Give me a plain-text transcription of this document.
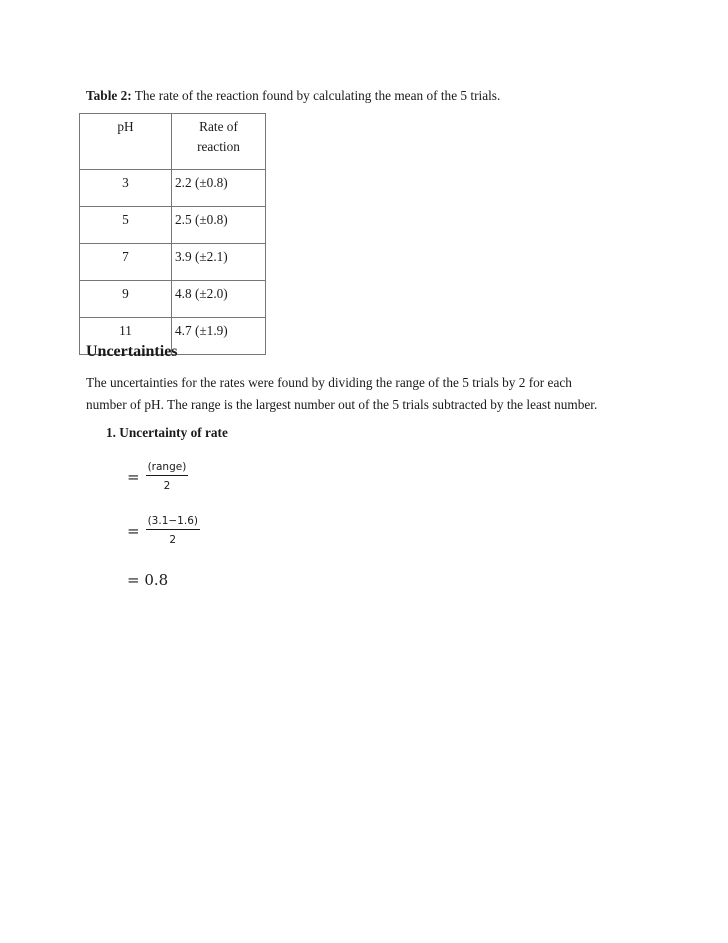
Table 2: The rate of the reaction found by calculating the mean of the 5 trials.
pH	Rate of
reaction
3	2.2 (±0.8)
5	2.5 (±0.8)
7	3.9 (±2.1)
9	4.8 (±2.0)
11	4.7 (±1.9)
Uncertainties
The uncertainties for the rates were found by dividing the range of the 5 trials by 2 for each
number of pH. The range is the largest number out of the 5 trials subtracted by the least number.
1. Uncertainty of rate
= $\frac{\text{(range)}}{2}$
= $\frac{(3.1-1.6)}{2}$
= 0.8
